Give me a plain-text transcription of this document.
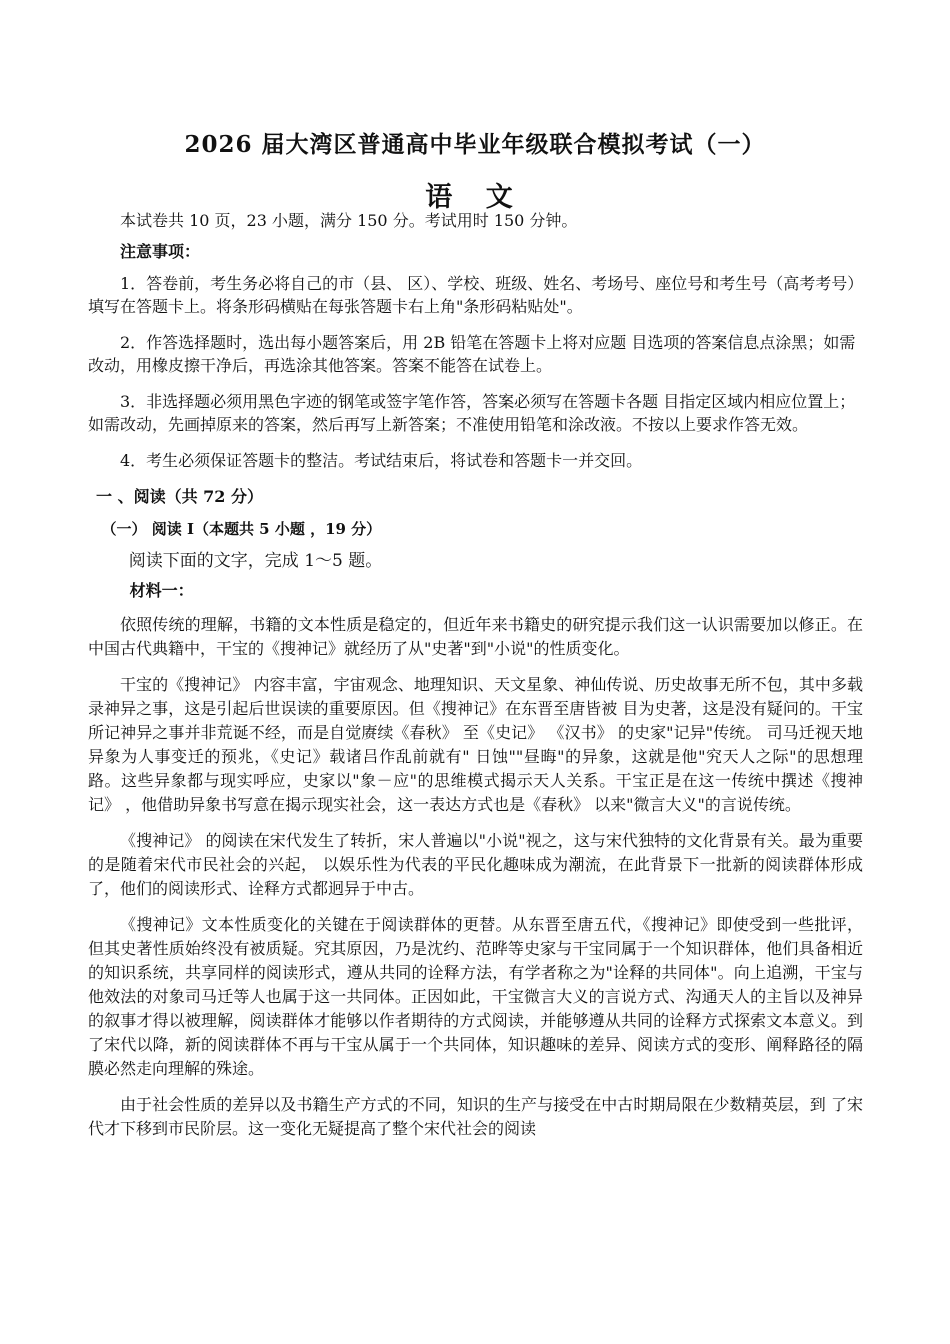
2026 届大湾区普通高中毕业年级联合模拟考试（一）
语 文

本试卷共 10 页，23 小题，满分 150 分。考试用时 150 分钟。

注意事项：

1．答卷前，考生务必将自己的市（县、 区）、学校、班级、姓名、考场号、座位号和考生号（高考考号）填写在答题卡上。将条形码横贴在每张答题卡右上角"条形码粘贴处"。

2．作答选择题时，选出每小题答案后，用 2B 铅笔在答题卡上将对应题 目选项的答案信息点涂黑；如需改动，用橡皮擦干净后，再选涂其他答案。答案不能答在试卷上。

3．非选择题必须用黑色字迹的钢笔或签字笔作答，答案必须写在答题卡各题 目指定区域内相应位置上；如需改动，先画掉原来的答案，然后再写上新答案；不准使用铅笔和涂改液。不按以上要求作答无效。

4．考生必须保证答题卡的整洁。考试结束后，将试卷和答题卡一并交回。

一 、阅读（共 72 分）

（一） 阅读 I（本题共 5 小题 ，19 分）

阅读下面的文字，完成 1～5 题。

材料一：

依照传统的理解，书籍的文本性质是稳定的，但近年来书籍史的研究提示我们这一认识需要加以修正。在中国古代典籍中，干宝的《搜神记》就经历了从"史著"到"小说"的性质变化。

干宝的《搜神记》 内容丰富，宇宙观念、地理知识、天文星象、神仙传说、历史故事无所不包，其中多载录神异之事，这是引起后世误读的重要原因。但《搜神记》在东晋至唐皆被 目为史著，这是没有疑问的。干宝所记神异之事并非荒诞不经，而是自觉赓续《春秋》 至《史记》 《汉书》 的史家"记异"传统。 司马迁视天地异象为人事变迁的预兆，《史记》载诸吕作乱前就有" 日蚀""昼晦"的异象，这就是他"究天人之际"的思想理路。这些异象都与现实呼应，史家以"象－应"的思维模式揭示天人关系。干宝正是在这一传统中撰述《搜神记》 ，他借助异象书写意在揭示现实社会，这一表达方式也是《春秋》 以来"微言大义"的言说传统。

《搜神记》 的阅读在宋代发生了转折，宋人普遍以"小说"视之，这与宋代独特的文化背景有关。最为重要的是随着宋代市民社会的兴起， 以娱乐性为代表的平民化趣味成为潮流，在此背景下一批新的阅读群体形成了，他们的阅读形式、诠释方式都迥异于中古。

《搜神记》文本性质变化的关键在于阅读群体的更替。从东晋至唐五代，《搜神记》即使受到一些批评，但其史著性质始终没有被质疑。究其原因，乃是沈约、范晔等史家与干宝同属于一个知识群体，他们具备相近的知识系统，共享同样的阅读形式，遵从共同的诠释方法，有学者称之为"诠释的共同体"。向上追溯，干宝与他效法的对象司马迁等人也属于这一共同体。正因如此，干宝微言大义的言说方式、沟通天人的主旨以及神异的叙事才得以被理解，阅读群体才能够以作者期待的方式阅读，并能够遵从共同的诠释方式探索文本意义。到 了宋代以降，新的阅读群体不再与干宝从属于一个共同体，知识趣味的差异、阅读方式的变形、阐释路径的隔膜必然走向理解的殊途。

由于社会性质的差异以及书籍生产方式的不同，知识的生产与接受在中古时期局限在少数精英层，到 了宋代才下移到市民阶层。这一变化无疑提高了整个宋代社会的阅读
